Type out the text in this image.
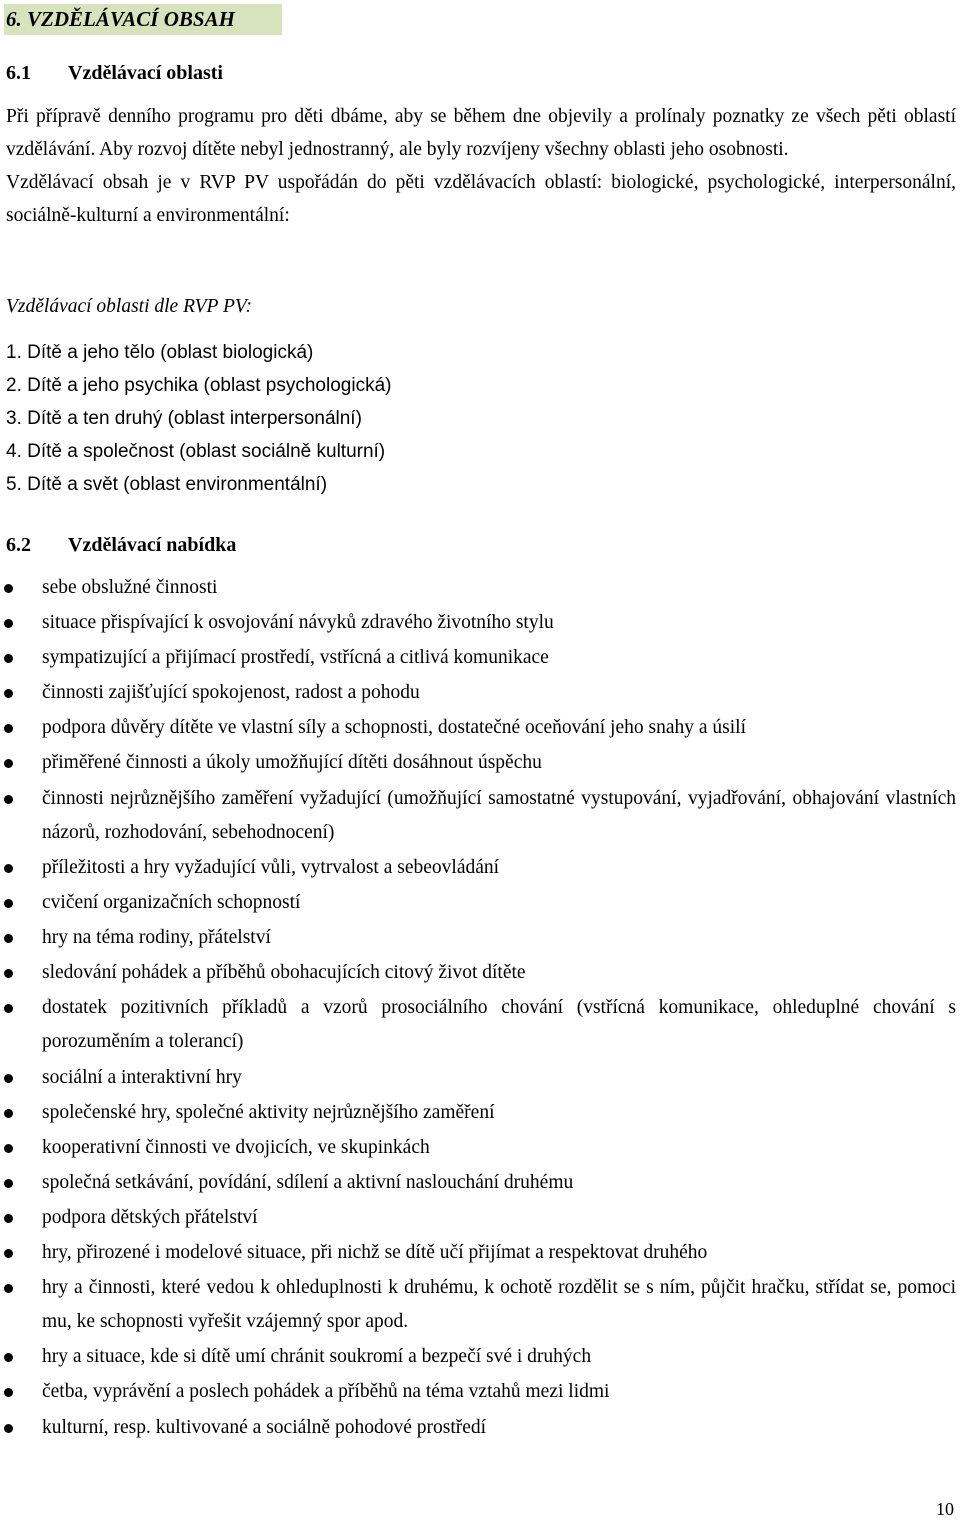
6. VZDĚLÁVACÍ OBSAH
6.1 Vzdělávací oblasti

Při přípravě denního programu pro děti dbáme, aby se během dne objevily a prolínaly poznatky ze všech pěti oblastí vzdělávání. Aby rozvoj dítěte nebyl jednostranný, ale byly rozvíjeny všechny oblasti jeho osobnosti.

Vzdělávací obsah je v RVP PV uspořádán do pěti vzdělávacích oblastí: biologické, psychologické, interpersonální, sociálně-kulturní a environmentální:

Vzdělávací oblasti dle RVP PV:
1. Dítě a jeho tělo (oblast biologická)
2. Dítě a jeho psychika (oblast psychologická)
3. Dítě a ten druhý (oblast interpersonální)
4. Dítě a společnost (oblast sociálně kulturní)
5. Dítě a svět (oblast environmentální)
6.2 Vzdělávací nabídka
sebe obslužné činnosti
situace přispívající k osvojování návyků zdravého životního stylu
sympatizující a přijímací prostředí, vstřícná a citlivá komunikace
činnosti zajišťující spokojenost, radost a pohodu
podpora důvěry dítěte ve vlastní síly a schopnosti, dostatečné oceňování jeho snahy a úsilí
přiměřené činnosti a úkoly umožňující dítěti dosáhnout úspěchu
činnosti nejrůznějšího zaměření vyžadující (umožňující samostatné vystupování, vyjadřování, obhajování vlastních názorů, rozhodování, sebehodnocení)
příležitosti a hry vyžadující vůli, vytrvalost a sebeovládání
cvičení organizačních schopností
hry na téma rodiny, přátelství
sledování pohádek a příběhů obohacujících citový život dítěte
dostatek pozitivních příkladů a vzorů prosociálního chování (vstřícná komunikace, ohleduplné chování s porozuměním a tolerancí)
sociální a interaktivní hry
společenské hry, společné aktivity nejrůznějšího zaměření
kooperativní činnosti ve dvojicích, ve skupinkách
společná setkávání, povídání, sdílení a aktivní naslouchání druhému
podpora dětských přátelství
hry, přirozené i modelové situace, při nichž se dítě učí přijímat a respektovat druhého
hry a činnosti, které vedou k ohleduplnosti k druhému, k ochotě rozdělit se s ním, půjčit hračku, střídat se, pomoci mu, ke schopnosti vyřešit vzájemný spor apod.
hry a situace, kde si dítě umí chránit soukromí a bezpečí své i druhých
četba, vyprávění a poslech pohádek a příběhů na téma vztahů mezi lidmi
kulturní, resp. kultivované a sociálně pohodové prostředí
10
